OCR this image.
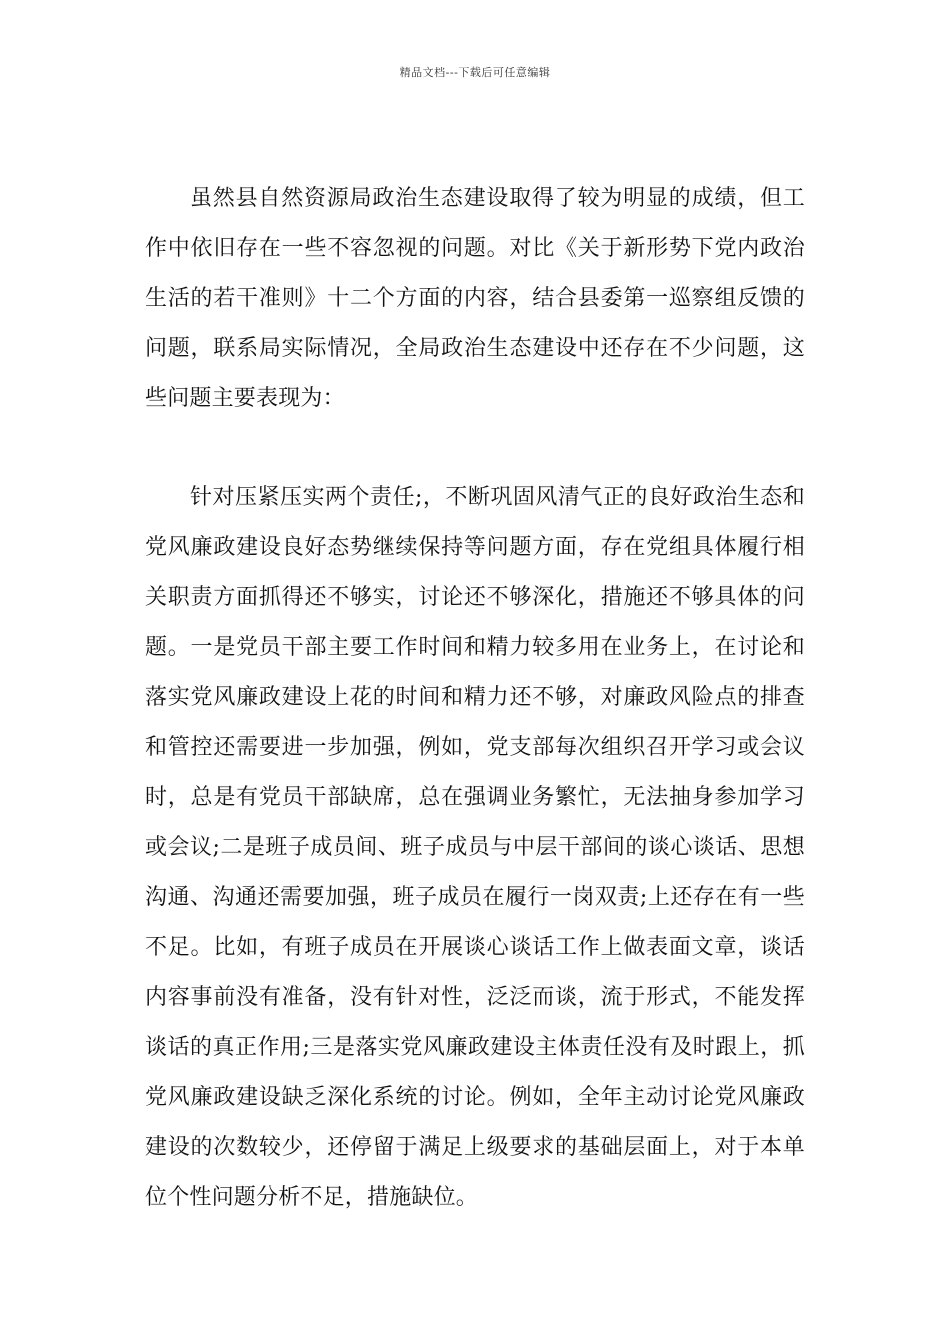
精品文档---下载后可任意编辑

虽然县自然资源局政治生态建设取得了较为明显的成绩，但工作中依旧存在一些不容忽视的问题。对比《关于新形势下党内政治生活的若干准则》十二个方面的内容，结合县委第一巡察组反馈的问题，联系局实际情况，全局政治生态建设中还存在不少问题，这些问题主要表现为：

针对压紧压实两个责任;，不断巩固风清气正的良好政治生态和党风廉政建设良好态势继续保持等问题方面，存在党组具体履行相关职责方面抓得还不够实，讨论还不够深化，措施还不够具体的问题。一是党员干部主要工作时间和精力较多用在业务上，在讨论和落实党风廉政建设上花的时间和精力还不够，对廉政风险点的排查和管控还需要进一步加强，例如，党支部每次组织召开学习或会议时，总是有党员干部缺席，总在强调业务繁忙，无法抽身参加学习或会议;二是班子成员间、班子成员与中层干部间的谈心谈话、思想沟通、沟通还需要加强，班子成员在履行一岗双责;上还存在有一些不足。比如，有班子成员在开展谈心谈话工作上做表面文章，谈话内容事前没有准备，没有针对性，泛泛而谈，流于形式，不能发挥谈话的真正作用;三是落实党风廉政建设主体责任没有及时跟上，抓党风廉政建设缺乏深化系统的讨论。例如，全年主动讨论党风廉政建设的次数较少，还停留于满足上级要求的基础层面上，对于本单位个性问题分析不足，措施缺位。
